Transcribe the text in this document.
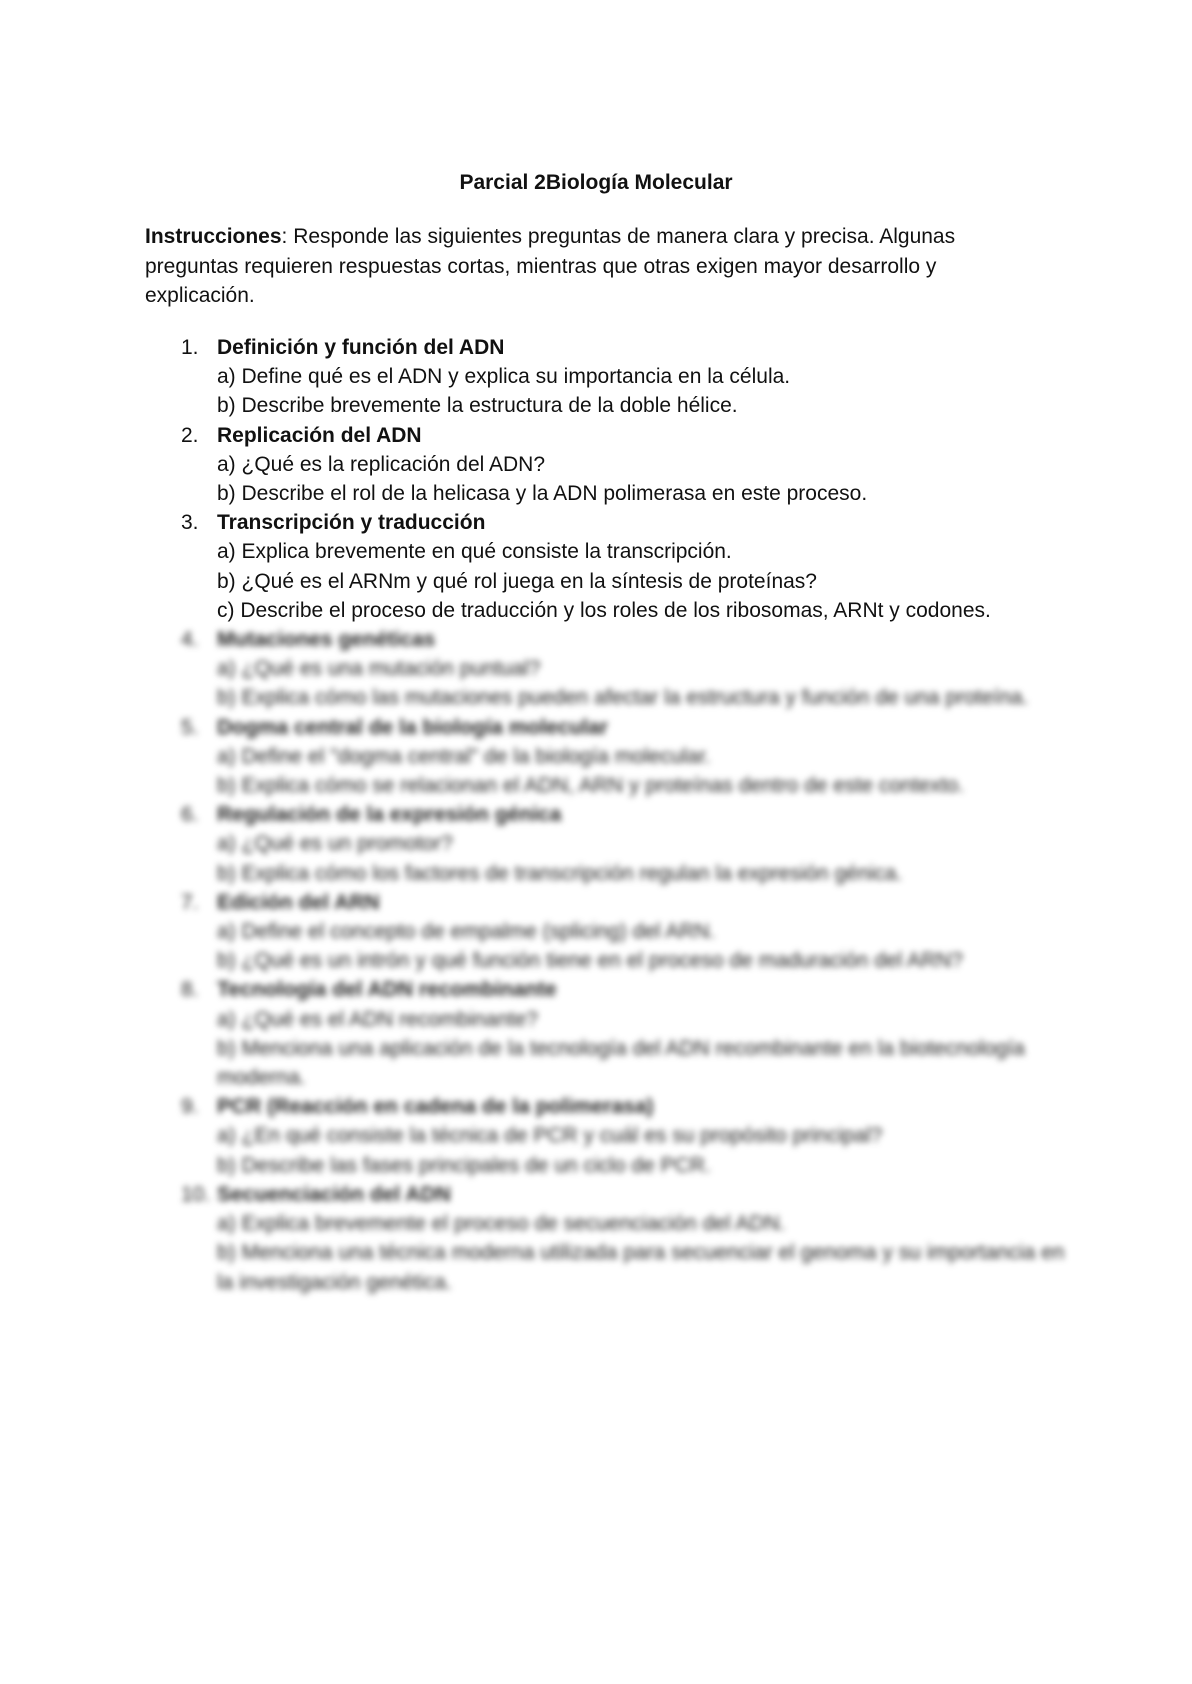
Parcial 2Biología Molecular
Instrucciones: Responde las siguientes preguntas de manera clara y precisa. Algunas preguntas requieren respuestas cortas, mientras que otras exigen mayor desarrollo y explicación.
1. Definición y función del ADN
a) Define qué es el ADN y explica su importancia en la célula.
b) Describe brevemente la estructura de la doble hélice.
2. Replicación del ADN
a) ¿Qué es la replicación del ADN?
b) Describe el rol de la helicasa y la ADN polimerasa en este proceso.
3. Transcripción y traducción
a) Explica brevemente en qué consiste la transcripción.
b) ¿Qué es el ARNm y qué rol juega en la síntesis de proteínas?
c) Describe el proceso de traducción y los roles de los ribosomas, ARNt y codones.
4. Mutaciones genéticas
a) ¿Qué es una mutación puntual?
b) Explica cómo las mutaciones pueden afectar la estructura y función de una proteína.
5. Dogma central de la biología molecular
a) Define el "dogma central" de la biología molecular.
b) Explica cómo se relacionan el ADN, ARN y proteínas dentro de este contexto.
6. Regulación de la expresión génica
a) ¿Qué es un promotor?
b) Explica cómo los factores de transcripción regulan la expresión génica.
7. Edición del ARN
a) Define el concepto de empalme (splicing) del ARN.
b) ¿Qué es un intrón y qué función tiene en el proceso de maduración del ARN?
8. Tecnología del ADN recombinante
a) ¿Qué es el ADN recombinante?
b) Menciona una aplicación de la tecnología del ADN recombinante en la biotecnología moderna.
9. PCR (Reacción en cadena de la polimerasa)
a) ¿En qué consiste la técnica de PCR y cuál es su propósito principal?
b) Describe las fases principales de un ciclo de PCR.
10. Secuenciación del ADN
a) Explica brevemente el proceso de secuenciación del ADN.
b) Menciona una técnica moderna utilizada para secuenciar el genoma y su importancia en la investigación genética.
